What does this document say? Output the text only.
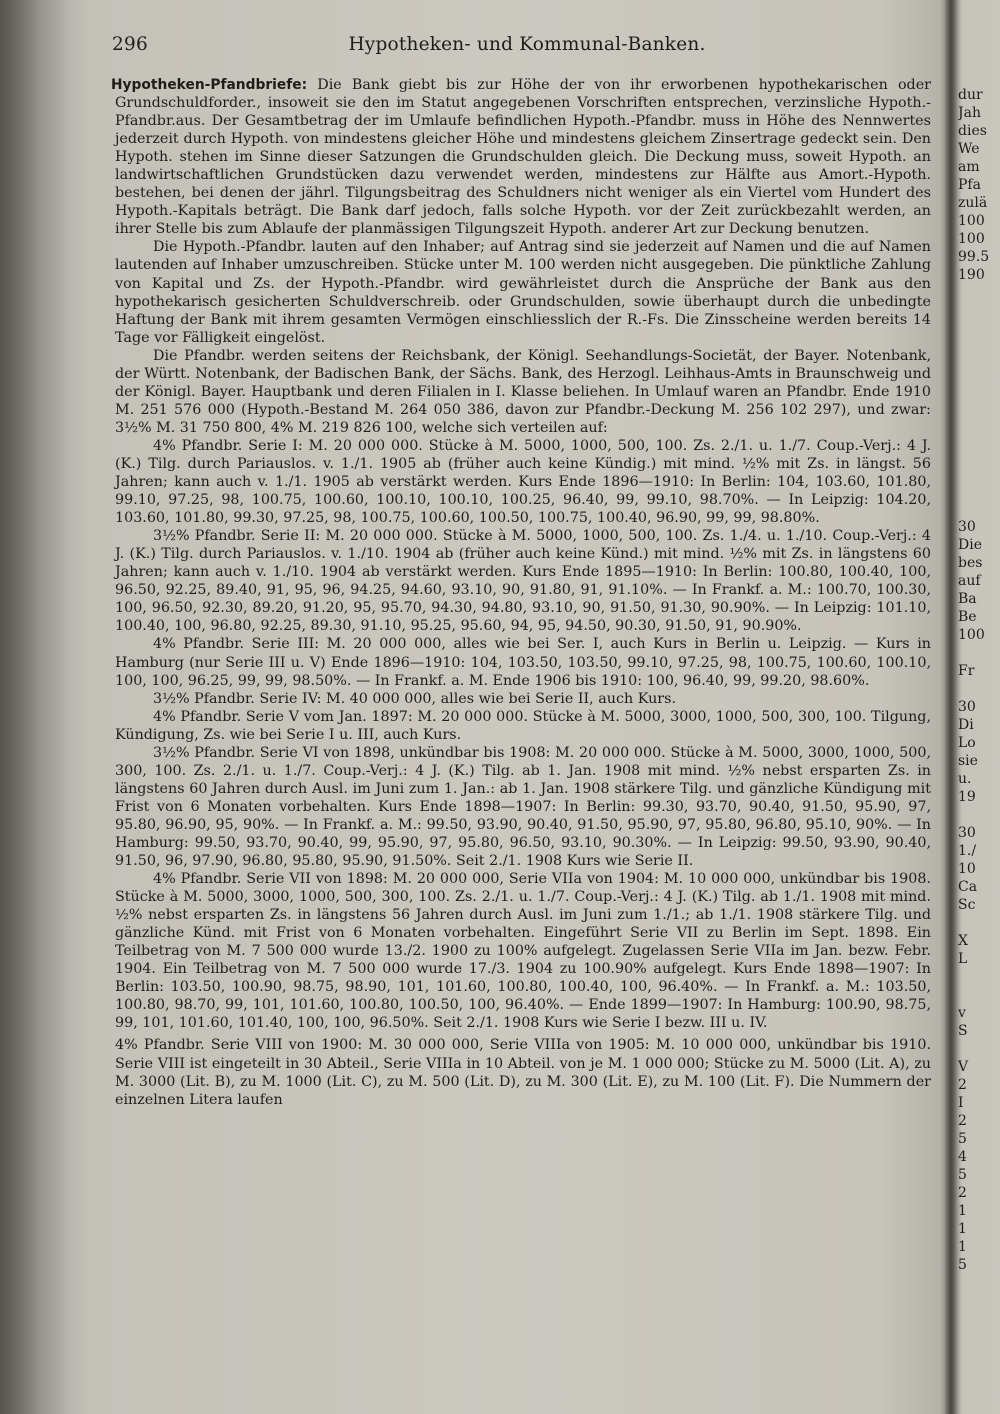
296	Hypotheken- und Kommunal-Banken.

Hypotheken-Pfandbriefe: Die Bank giebt bis zur Höhe der von ihr erworbenen hypothekarischen oder Grundschuldforder., insoweit sie den im Statut angegebenen Vorschriften entsprechen, verzinsliche Hypoth.-Pfandbr.aus. Der Gesamtbetrag der im Umlaufe befindlichen Hypoth.-Pfandbr. muss in Höhe des Nennwertes jederzeit durch Hypoth. von mindestens gleicher Höhe und mindestens gleichem Zinsertrage gedeckt sein. Den Hypoth. stehen im Sinne dieser Satzungen die Grundschulden gleich. Die Deckung muss, soweit Hypoth. an landwirtschaftlichen Grundstücken dazu verwendet werden, mindestens zur Hälfte aus Amort.-Hypoth. bestehen, bei denen der jährl. Tilgungsbeitrag des Schuldners nicht weniger als ein Viertel vom Hundert des Hypoth.-Kapitals beträgt. Die Bank darf jedoch, falls solche Hypoth. vor der Zeit zurückbezahlt werden, an ihrer Stelle bis zum Ablaufe der planmässigen Tilgungszeit Hypoth. anderer Art zur Deckung benutzen.

Die Hypoth.-Pfandbr. lauten auf den Inhaber; auf Antrag sind sie jederzeit auf Namen und die auf Namen lautenden auf Inhaber umzuschreiben. Stücke unter M. 100 werden nicht ausgegeben. Die pünktliche Zahlung von Kapital und Zs. der Hypoth.-Pfandbr. wird gewährleistet durch die Ansprüche der Bank aus den hypothekarisch gesicherten Schuldverschreib. oder Grundschulden, sowie überhaupt durch die unbedingte Haftung der Bank mit ihrem gesamten Vermögen einschliesslich der R.-Fs. Die Zinsscheine werden bereits 14 Tage vor Fälligkeit eingelöst.

Die Pfandbr. werden seitens der Reichsbank, der Königl. Seehandlungs-Societät, der Bayer. Notenbank, der Württ. Notenbank, der Badischen Bank, der Sächs. Bank, des Herzogl. Leihhaus-Amts in Braunschweig und der Königl. Bayer. Hauptbank und deren Filialen in I. Klasse beliehen. In Umlauf waren an Pfandbr. Ende 1910 M. 251 576 000 (Hypoth.-Bestand M. 264 050 386, davon zur Pfandbr.-Deckung M. 256 102 297), und zwar: 3½% M. 31 750 800, 4% M. 219 826 100, welche sich verteilen auf:

4% Pfandbr. Serie I: M. 20 000 000. Stücke à M. 5000, 1000, 500, 100. Zs. 2./1. u. 1./7. Coup.-Verj.: 4 J. (K.) Tilg. durch Pariauslos. v. 1./1. 1905 ab (früher auch keine Kündig.) mit mind. ½% mit Zs. in längst. 56 Jahren; kann auch v. 1./1. 1905 ab verstärkt werden. Kurs Ende 1896—1910: In Berlin: 104, 103.60, 101.80, 99.10, 97.25, 98, 100.75, 100.60, 100.10, 100.10, 100.25, 96.40, 99, 99.10, 98.70%. — In Leipzig: 104.20, 103.60, 101.80, 99.30, 97.25, 98, 100.75, 100.60, 100.50, 100.75, 100.40, 96.90, 99, 99, 98.80%.

3½% Pfandbr. Serie II: M. 20 000 000. Stücke à M. 5000, 1000, 500, 100. Zs. 1./4. u. 1./10. Coup.-Verj.: 4 J. (K.) Tilg. durch Pariauslos. v. 1./10. 1904 ab (früher auch keine Künd.) mit mind. ½% mit Zs. in längstens 60 Jahren; kann auch v. 1./10. 1904 ab verstärkt werden. Kurs Ende 1895—1910: In Berlin: 100.80, 100.40, 100, 96.50, 92.25, 89.40, 91, 95, 96, 94.25, 94.60, 93.10, 90, 91.80, 91, 91.10%. — In Frankf. a. M.: 100.70, 100.30, 100, 96.50, 92.30, 89.20, 91.20, 95, 95.70, 94.30, 94.80, 93.10, 90, 91.50, 91.30, 90.90%. — In Leipzig: 101.10, 100.40, 100, 96.80, 92.25, 89.30, 91.10, 95.25, 95.60, 94, 95, 94.50, 90.30, 91.50, 91, 90.90%.

4% Pfandbr. Serie III: M. 20 000 000, alles wie bei Ser. I, auch Kurs in Berlin u. Leipzig. — Kurs in Hamburg (nur Serie III u. V) Ende 1896—1910: 104, 103.50, 103.50, 99.10, 97.25, 98, 100.75, 100.60, 100.10, 100, 100, 96.25, 99, 99, 98.50%. — In Frankf. a. M. Ende 1906 bis 1910: 100, 96.40, 99, 99.20, 98.60%.

3½% Pfandbr. Serie IV: M. 40 000 000, alles wie bei Serie II, auch Kurs.

4% Pfandbr. Serie V vom Jan. 1897: M. 20 000 000. Stücke à M. 5000, 3000, 1000, 500, 300, 100. Tilgung, Kündigung, Zs. wie bei Serie I u. III, auch Kurs.

3½% Pfandbr. Serie VI von 1898, unkündbar bis 1908: M. 20 000 000. Stücke à M. 5000, 3000, 1000, 500, 300, 100. Zs. 2./1. u. 1./7. Coup.-Verj.: 4 J. (K.) Tilg. ab 1. Jan. 1908 mit mind. ½% nebst ersparten Zs. in längstens 60 Jahren durch Ausl. im Juni zum 1. Jan.: ab 1. Jan. 1908 stärkere Tilg. und gänzliche Kündigung mit Frist von 6 Monaten vorbehalten. Kurs Ende 1898—1907: In Berlin: 99.30, 93.70, 90.40, 91.50, 95.90, 97, 95.80, 96.90, 95, 90%. — In Frankf. a. M.: 99.50, 93.90, 90.40, 91.50, 95.90, 97, 95.80, 96.80, 95.10, 90%. — In Hamburg: 99.50, 93.70, 90.40, 99, 95.90, 97, 95.80, 96.50, 93.10, 90.30%. — In Leipzig: 99.50, 93.90, 90.40, 91.50, 96, 97.90, 96.80, 95.80, 95.90, 91.50%. Seit 2./1. 1908 Kurs wie Serie II.

4% Pfandbr. Serie VII von 1898: M. 20 000 000, Serie VIIa von 1904: M. 10 000 000, unkündbar bis 1908. Stücke à M. 5000, 3000, 1000, 500, 300, 100. Zs. 2./1. u. 1./7. Coup.-Verj.: 4 J. (K.) Tilg. ab 1./1. 1908 mit mind. ½% nebst ersparten Zs. in längstens 56 Jahren durch Ausl. im Juni zum 1./1.; ab 1./1. 1908 stärkere Tilg. und gänzliche Künd. mit Frist von 6 Monaten vorbehalten. Eingeführt Serie VII zu Berlin im Sept. 1898. Ein Teilbetrag von M. 7 500 000 wurde 13./2. 1900 zu 100% aufgelegt. Zugelassen Serie VIIa im Jan. bezw. Febr. 1904. Ein Teilbetrag von M. 7 500 000 wurde 17./3. 1904 zu 100.90% aufgelegt. Kurs Ende 1898—1907: In Berlin: 103.50, 100.90, 98.75, 98.90, 101, 101.60, 100.80, 100.40, 100, 96.40%. — In Frankf. a. M.: 103.50, 100.80, 98.70, 99, 101, 101.60, 100.80, 100.50, 100, 96.40%. — Ende 1899—1907: In Hamburg: 100.90, 98.75, 99, 101, 101.60, 101.40, 100, 100, 96.50%. Seit 2./1. 1908 Kurs wie Serie I bezw. III u. IV.

4% Pfandbr. Serie VIII von 1900: M. 30 000 000, Serie VIIIa von 1905: M. 10 000 000, unkündbar bis 1910. Serie VIII ist eingeteilt in 30 Abteil., Serie VIIIa in 10 Abteil. von je M. 1 000 000; Stücke zu M. 5000 (Lit. A), zu M. 3000 (Lit. B), zu M. 1000 (Lit. C), zu M. 500 (Lit. D), zu M. 300 (Lit. E), zu M. 100 (Lit. F). Die Nummern der einzelnen Litera laufen

dur
Jah
dies
We
am
Pfa
zulä
100
100
99.5
190
30
Die
bes
auf
Ba
Be
100
Fr
30
Di
Lo
sie
u.
19
30
1./
10
Ca
Sc
X
L
v
S
V
2
I
2
5
4
5
2
1
1
1
5
